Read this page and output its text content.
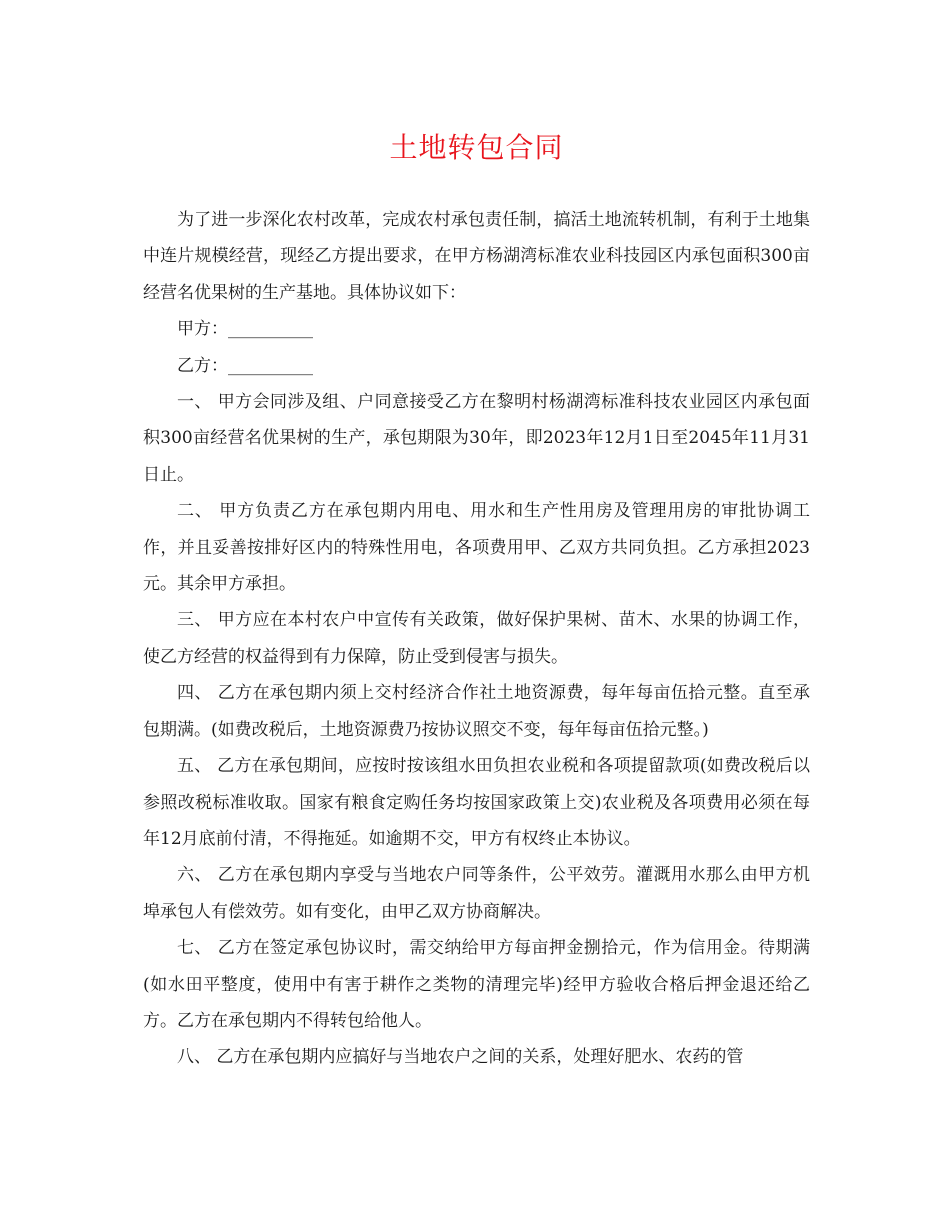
土地转包合同

为了进一步深化农村改革，完成农村承包责任制，搞活土地流转机制，有利于土地集中连片规模经营，现经乙方提出要求，在甲方杨湖湾标准农业科技园区内承包面积300亩经营名优果树的生产基地。具体协议如下：

甲方：__________

乙方：__________

一、 甲方会同涉及组、户同意接受乙方在黎明村杨湖湾标准科技农业园区内承包面积300亩经营名优果树的生产，承包期限为30年，即2023年12月1日至2045年11月31日止。

二、 甲方负责乙方在承包期内用电、用水和生产性用房及管理用房的审批协调工作，并且妥善按排好区内的特殊性用电，各项费用甲、乙双方共同负担。乙方承担2023元。其余甲方承担。

三、 甲方应在本村农户中宣传有关政策，做好保护果树、苗木、水果的协调工作，使乙方经营的权益得到有力保障，防止受到侵害与损失。

四、 乙方在承包期内须上交村经济合作社土地资源费，每年每亩伍拾元整。直至承包期满。(如费改税后，土地资源费乃按协议照交不变，每年每亩伍拾元整。)

五、 乙方在承包期间，应按时按该组水田负担农业税和各项提留款项(如费改税后以参照改税标准收取。国家有粮食定购任务均按国家政策上交)农业税及各项费用必须在每年12月底前付清，不得拖延。如逾期不交，甲方有权终止本协议。

六、 乙方在承包期内享受与当地农户同等条件，公平效劳。灌溉用水那么由甲方机埠承包人有偿效劳。如有变化，由甲乙双方协商解决。

七、 乙方在签定承包协议时，需交纳给甲方每亩押金捌拾元，作为信用金。待期满(如水田平整度，使用中有害于耕作之类物的清理完毕)经甲方验收合格后押金退还给乙方。乙方在承包期内不得转包给他人。

八、 乙方在承包期内应搞好与当地农户之间的关系，处理好肥水、农药的管
